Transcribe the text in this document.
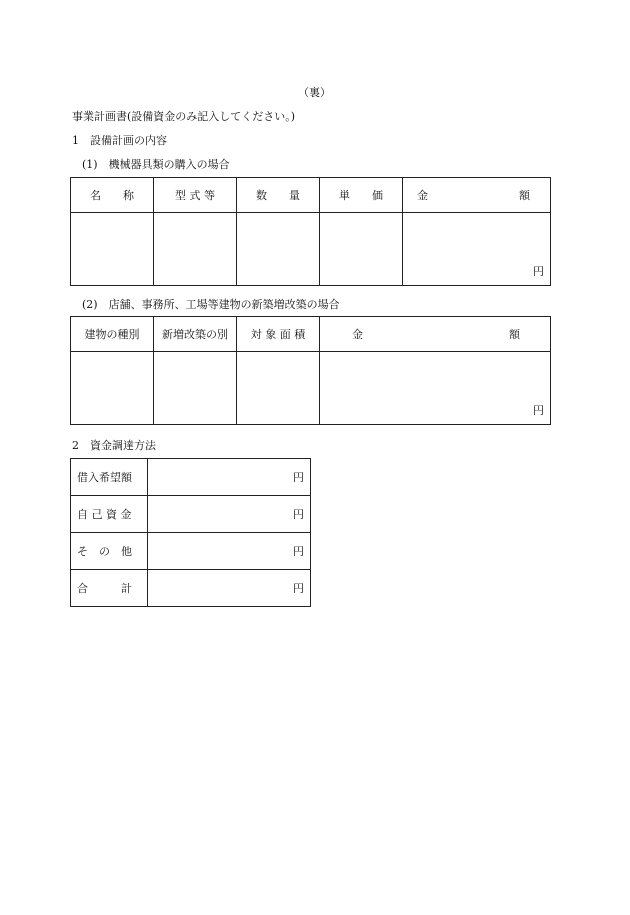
（裏）
事業計画書(設備資金のみ記入してください。)
1　設備計画の内容
(1)　機械器具類の購入の場合
名　　称	型 式 等	数　　量	単　　価	金 額

				円
(2)　店舗、事務所、工場等建物の新築増改築の場合
建物の種別	新増改築の別	対 象 面 積	金 額

			円
2　資金調達方法
借入希望額	円
自 己 資 金	円
そ　の　他	円
合　　　計	円
